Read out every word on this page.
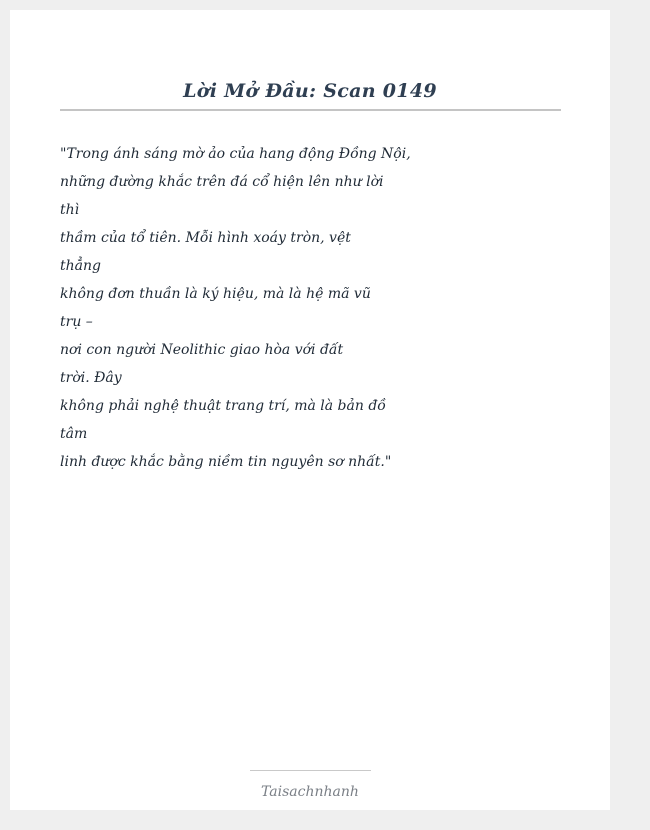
Lời Mở Đầu: Scan 0149
"Trong ánh sáng mờ ảo của hang động Đồng Nội,
những đường khắc trên đá cổ hiện lên như lời
thì
thầm của tổ tiên. Mỗi hình xoáy tròn, vệt
thẳng
không đơn thuần là ký hiệu, mà là hệ mã vũ
trụ –
nơi con người Neolithic giao hòa với đất
trời. Đây
không phải nghệ thuật trang trí, mà là bản đồ
tâm
linh được khắc bằng niềm tin nguyên sơ nhất."
Taisachnhanh
